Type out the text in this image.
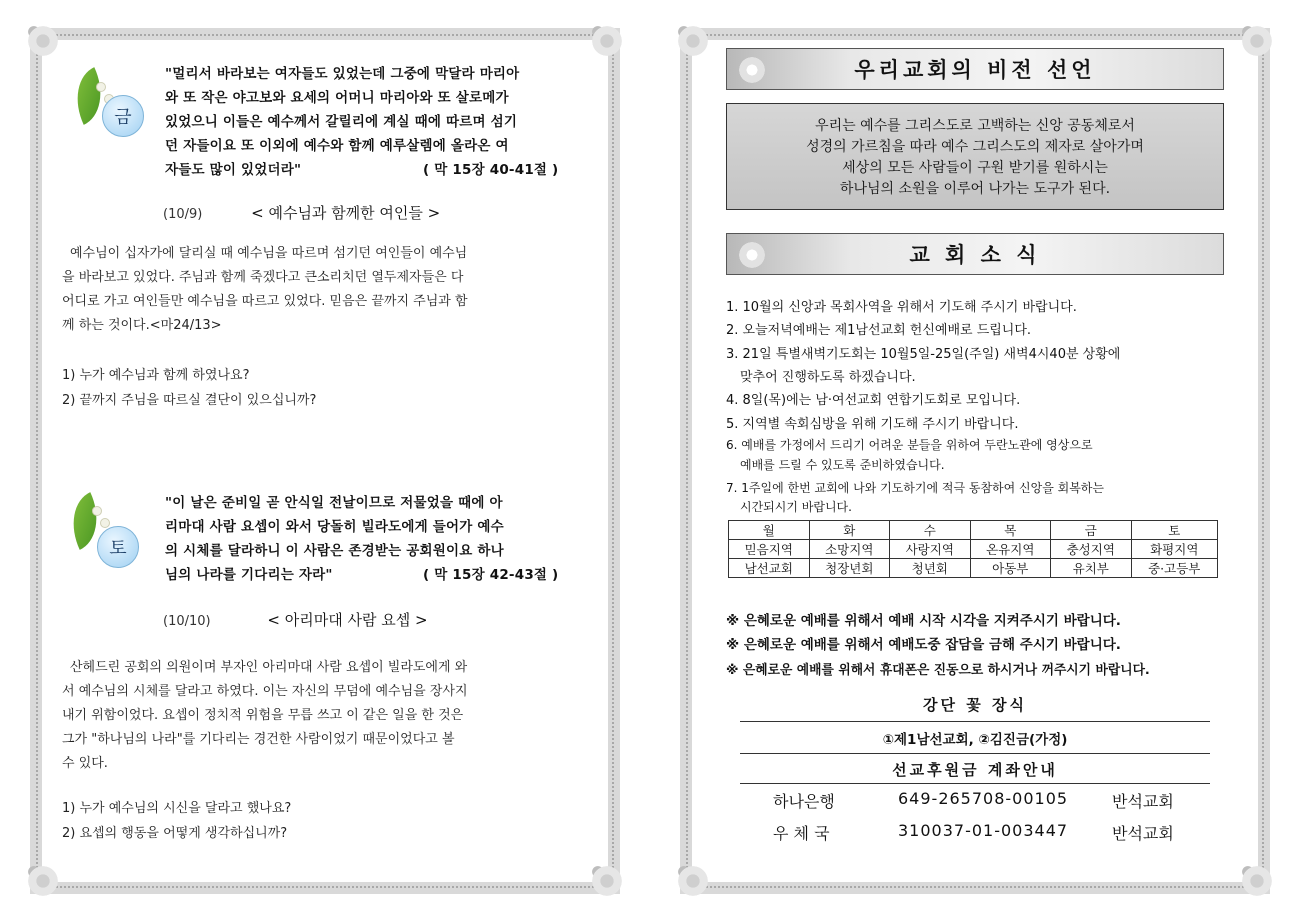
금
"멀리서 바라보는 여자들도 있었는데 그중에 막달라 마리아
와 또 작은 야고보와 요세의 어머니 마리아와 또 살로메가
있었으니 이들은 예수께서 갈릴리에 계실 때에 따르며 섬기
던 자들이요 또 이외에 예수와 함께 예루살렘에 올라온 여
자들도 많이 있었더라"	( 막 15장 40-41절 )
(10/9)	< 예수님과 함께한 여인들 >
예수님이 십자가에 달리실 때 예수님을 따르며 섬기던 여인들이 예수님
을 바라보고 있었다. 주님과 함께 죽겠다고 큰소리치던 열두제자들은 다
어디로 가고 여인들만 예수님을 따르고 있었다. 믿음은 끝까지 주님과 함
께 하는 것이다.<마24/13>
1) 누가 예수님과 함께 하였나요?
2) 끝까지 주님을 따르실 결단이 있으십니까?
토
"이 날은 준비일 곧 안식일 전날이므로 저물었을 때에 아
리마대 사람 요셉이 와서 당돌히 빌라도에게 들어가 예수
의 시체를 달라하니 이 사람은 존경받는 공회원이요 하나
님의 나라를 기다리는 자라"	( 막 15장 42-43절 )
(10/10)	< 아리마대 사람 요셉 >
산헤드린 공회의 의원이며 부자인 아리마대 사람 요셉이 빌라도에게 와
서 예수님의 시체를 달라고 하였다. 이는 자신의 무덤에 예수님을 장사지
내기 위함이었다. 요셉이 정치적 위험을 무릅 쓰고 이 같은 일을 한 것은
그가 "하나님의 나라"를 기다리는 경건한 사람이었기 때문이었다고 볼
수 있다.
1) 누가 예수님의 시신을 달라고 했나요?
2) 요셉의 행동을 어떻게 생각하십니까?
우리교회의 비전 선언
우리는 예수를 그리스도로 고백하는 신앙 공동체로서
성경의 가르침을 따라 예수 그리스도의 제자로 살아가며
세상의 모든 사람들이 구원 받기를 원하시는
하나님의 소원을 이루어 나가는 도구가 된다.
교 회 소 식
1. 10월의 신앙과 목회사역을 위해서 기도해 주시기 바랍니다.
2. 오늘저녁예배는 제1남선교회 헌신예배로 드립니다.
3. 21일 특별새벽기도회는 10월5일-25일(주일) 새벽4시40분 상황에
맞추어 진행하도록 하겠습니다.
4. 8일(목)에는 남·여선교회 연합기도회로 모입니다.
5. 지역별 속회심방을 위해 기도해 주시기 바랍니다.
6. 예배를 가정에서 드리기 어려운 분들을 위하여 두란노관에 영상으로
예배를 드릴 수 있도록 준비하였습니다.
7. 1주일에 한번 교회에 나와 기도하기에 적극 동참하여 신앙을 회복하는
시간되시기 바랍니다.
월	화	수	목	금	토
믿음지역	소망지역	사랑지역	온유지역	충성지역	화평지역
남선교회	청장년회	청년회	아동부	유치부	중·고등부
※ 은혜로운 예배를 위해서 예배 시작 시각을 지켜주시기 바랍니다.
※ 은혜로운 예배를 위해서 예배도중 잡담을 금해 주시기 바랍니다.
※ 은혜로운 예배를 위해서 휴대폰은 진동으로 하시거나 꺼주시기 바랍니다.
강단 꽃 장식
①제1남선교회, ②김진금(가정)
선교후원금 계좌안내
하나은행	649-265708-00105	반석교회
우 체 국	310037-01-003447	반석교회
